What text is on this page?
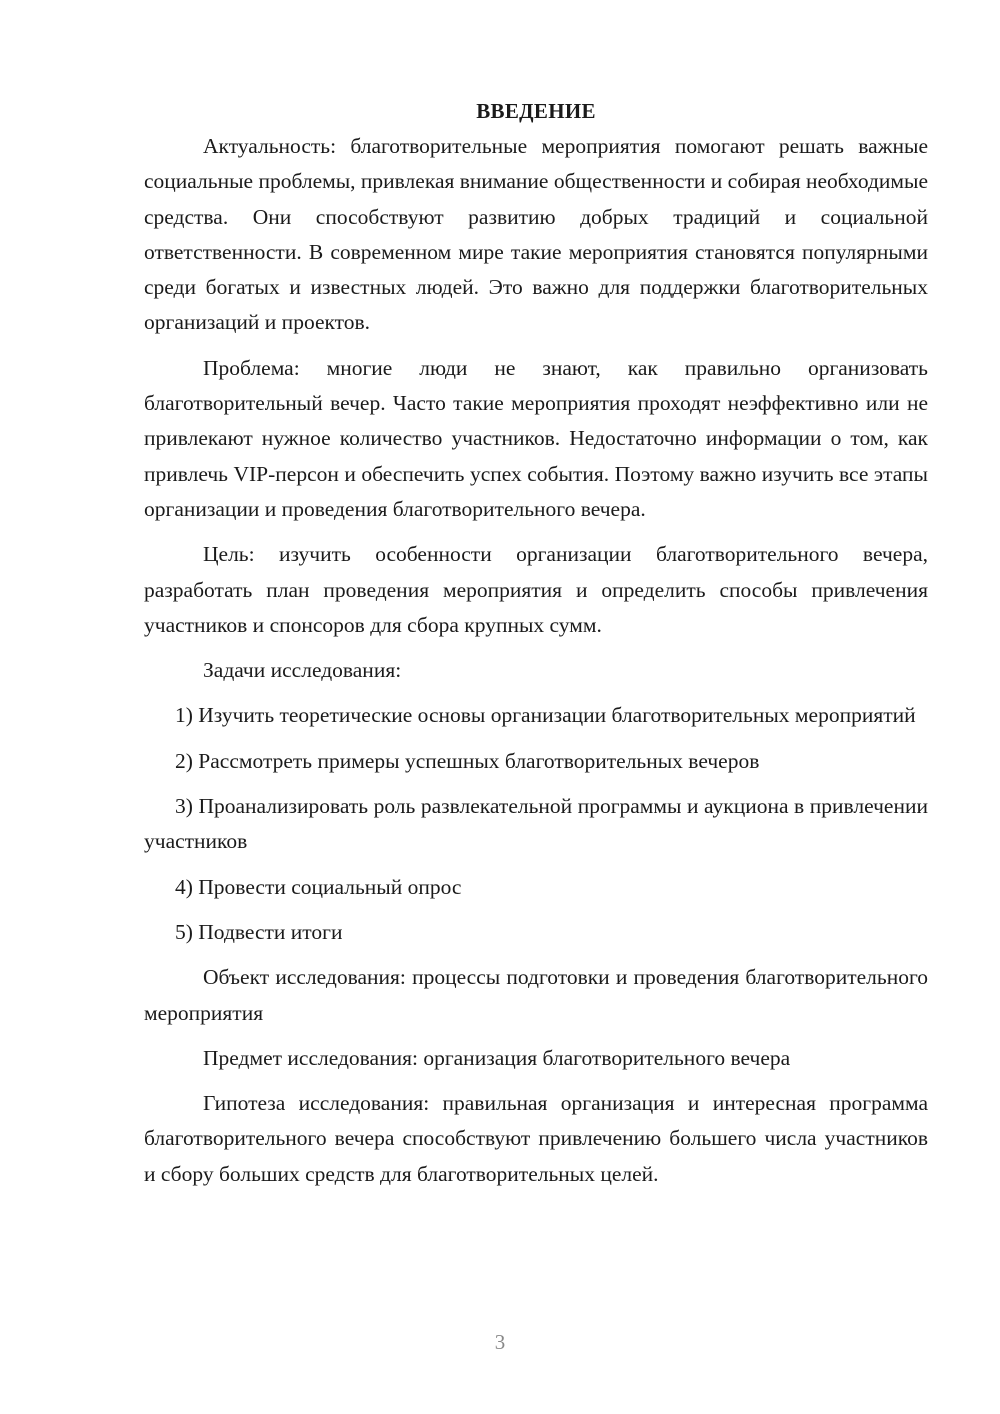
ВВЕДЕНИЕ

Актуальность: благотворительные мероприятия помогают решать важные социальные проблемы, привлекая внимание общественности и собирая необходимые средства. Они способствуют развитию добрых традиций и социальной ответственности. В современном мире такие мероприятия становятся популярными среди богатых и известных людей. Это важно для поддержки благотворительных организаций и проектов.

Проблема: многие люди не знают, как правильно организовать благотворительный вечер. Часто такие мероприятия проходят неэффективно или не привлекают нужное количество участников. Недостаточно информации о том, как привлечь VIP-персон и обеспечить успех события. Поэтому важно изучить все этапы организации и проведения благотворительного вечера.

Цель: изучить особенности организации благотворительного вечера, разработать план проведения мероприятия и определить способы привлечения участников и спонсоров для сбора крупных сумм.

Задачи исследования:

1) Изучить теоретические основы организации благотворительных мероприятий

2) Рассмотреть примеры успешных благотворительных вечеров

3) Проанализировать роль развлекательной программы и аукциона в привлечении участников

4) Провести социальный опрос

5) Подвести итоги

Объект исследования: процессы подготовки и проведения благотворительного мероприятия

Предмет исследования: организация благотворительного вечера

Гипотеза исследования: правильная организация и интересная программа благотворительного вечера способствуют привлечению большего числа участников и сбору больших средств для благотворительных целей.

3
